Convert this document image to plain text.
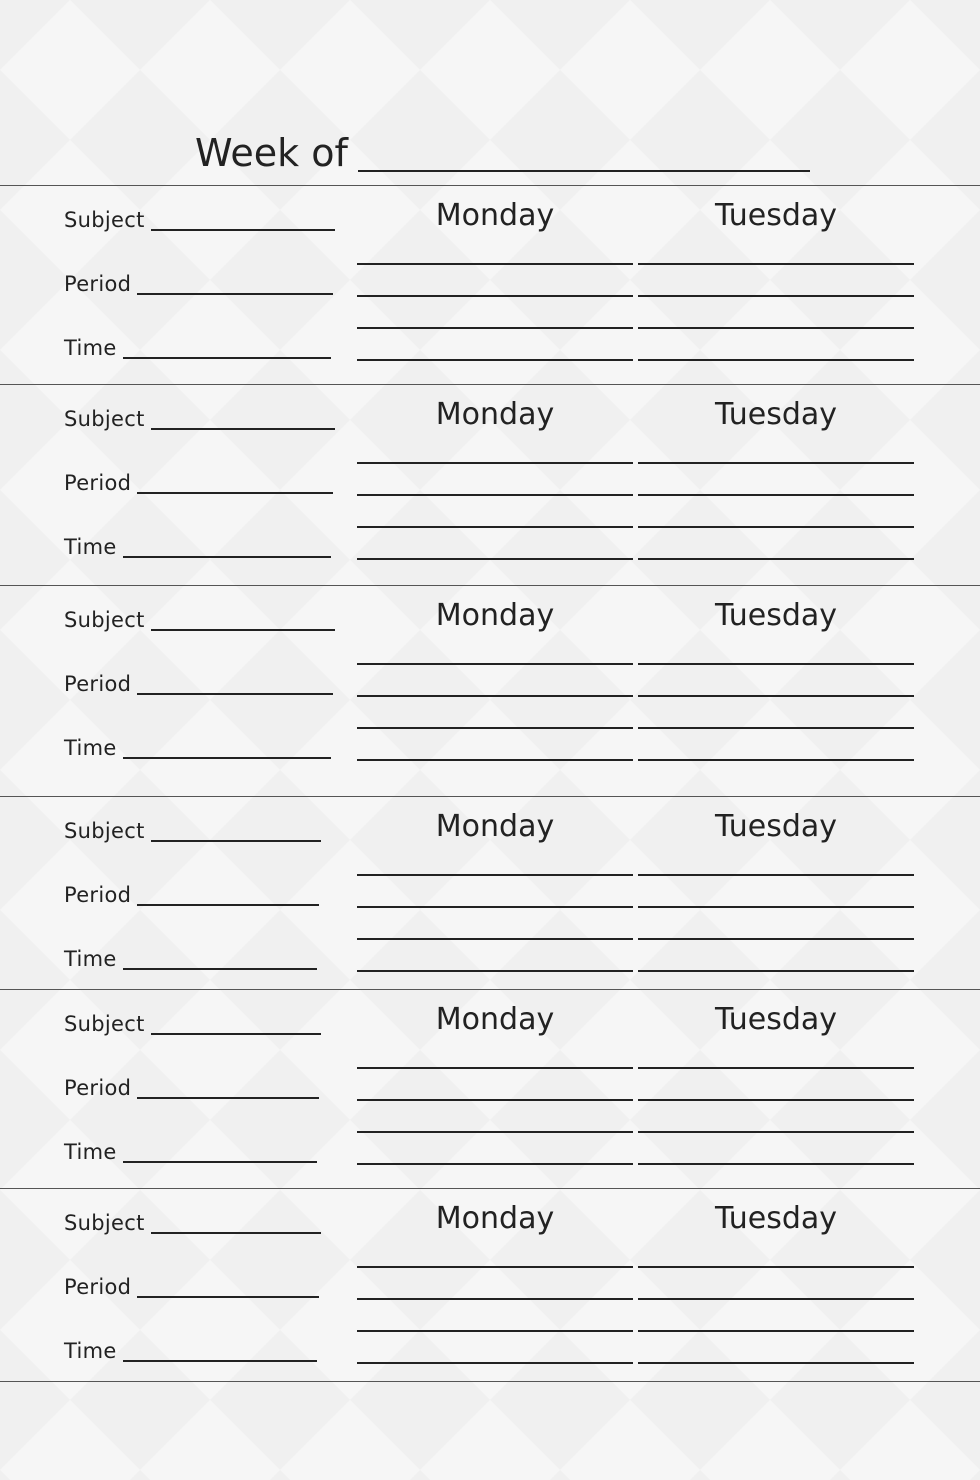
Week of
Subject
Period
Time
Monday	Tuesday
Subject
Period
Time
Monday	Tuesday
Subject
Period
Time
Monday	Tuesday
Subject
Period
Time
Monday	Tuesday
Subject
Period
Time
Monday	Tuesday
Subject
Period
Time
Monday	Tuesday
